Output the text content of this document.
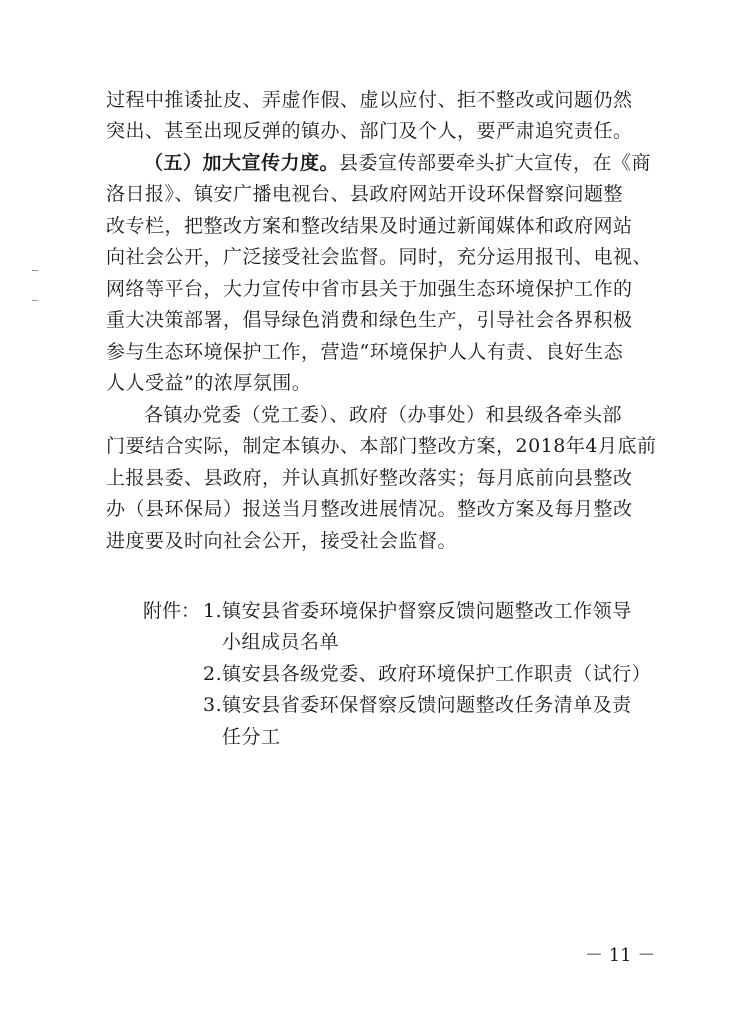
过程中推诿扯皮、弄虚作假、虚以应付、拒不整改或问题仍然
突出、甚至出现反弹的镇办、部门及个人，要严肃追究责任。
（五）加大宣传力度。县委宣传部要牵头扩大宣传，在《商
洛日报》、镇安广播电视台、县政府网站开设环保督察问题整
改专栏，把整改方案和整改结果及时通过新闻媒体和政府网站
向社会公开，广泛接受社会监督。同时，充分运用报刊、电视、
网络等平台，大力宣传中省市县关于加强生态环境保护工作的
重大决策部署，倡导绿色消费和绿色生产，引导社会各界积极
参与生态环境保护工作，营造“环境保护人人有责、良好生态
人人受益”的浓厚氛围。
各镇办党委（党工委）、政府（办事处）和县级各牵头部
门要结合实际，制定本镇办、本部门整改方案，2018年4月底前
上报县委、县政府，并认真抓好整改落实；每月底前向县整改
办（县环保局）报送当月整改进展情况。整改方案及每月整改
进度要及时向社会公开，接受社会监督。
附件： 1.镇安县省委环境保护督察反馈问题整改工作领导
小组成员名单
2.镇安县各级党委、政府环境保护工作职责（试行）
3.镇安县省委环保督察反馈问题整改任务清单及责
任分工
－ 11 －
